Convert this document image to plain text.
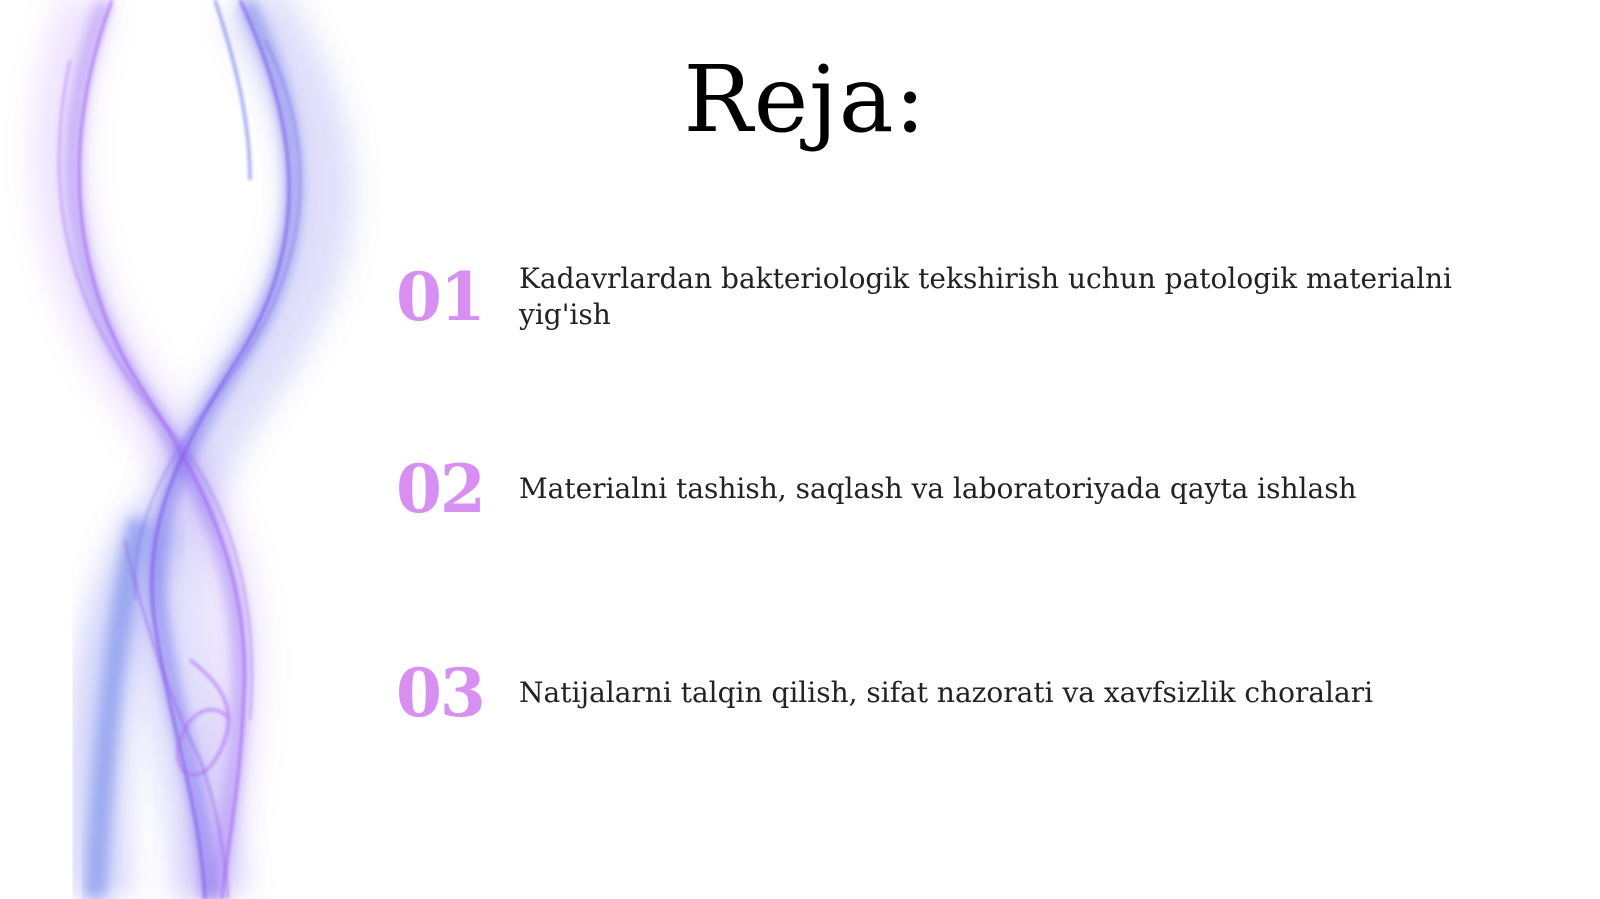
Reja:
01	Kadavrlardan bakteriologik tekshirish uchun patologik materialni yig'ish
02	Materialni tashish, saqlash va laboratoriyada qayta ishlash
03	Natijalarni talqin qilish, sifat nazorati va xavfsizlik choralari
